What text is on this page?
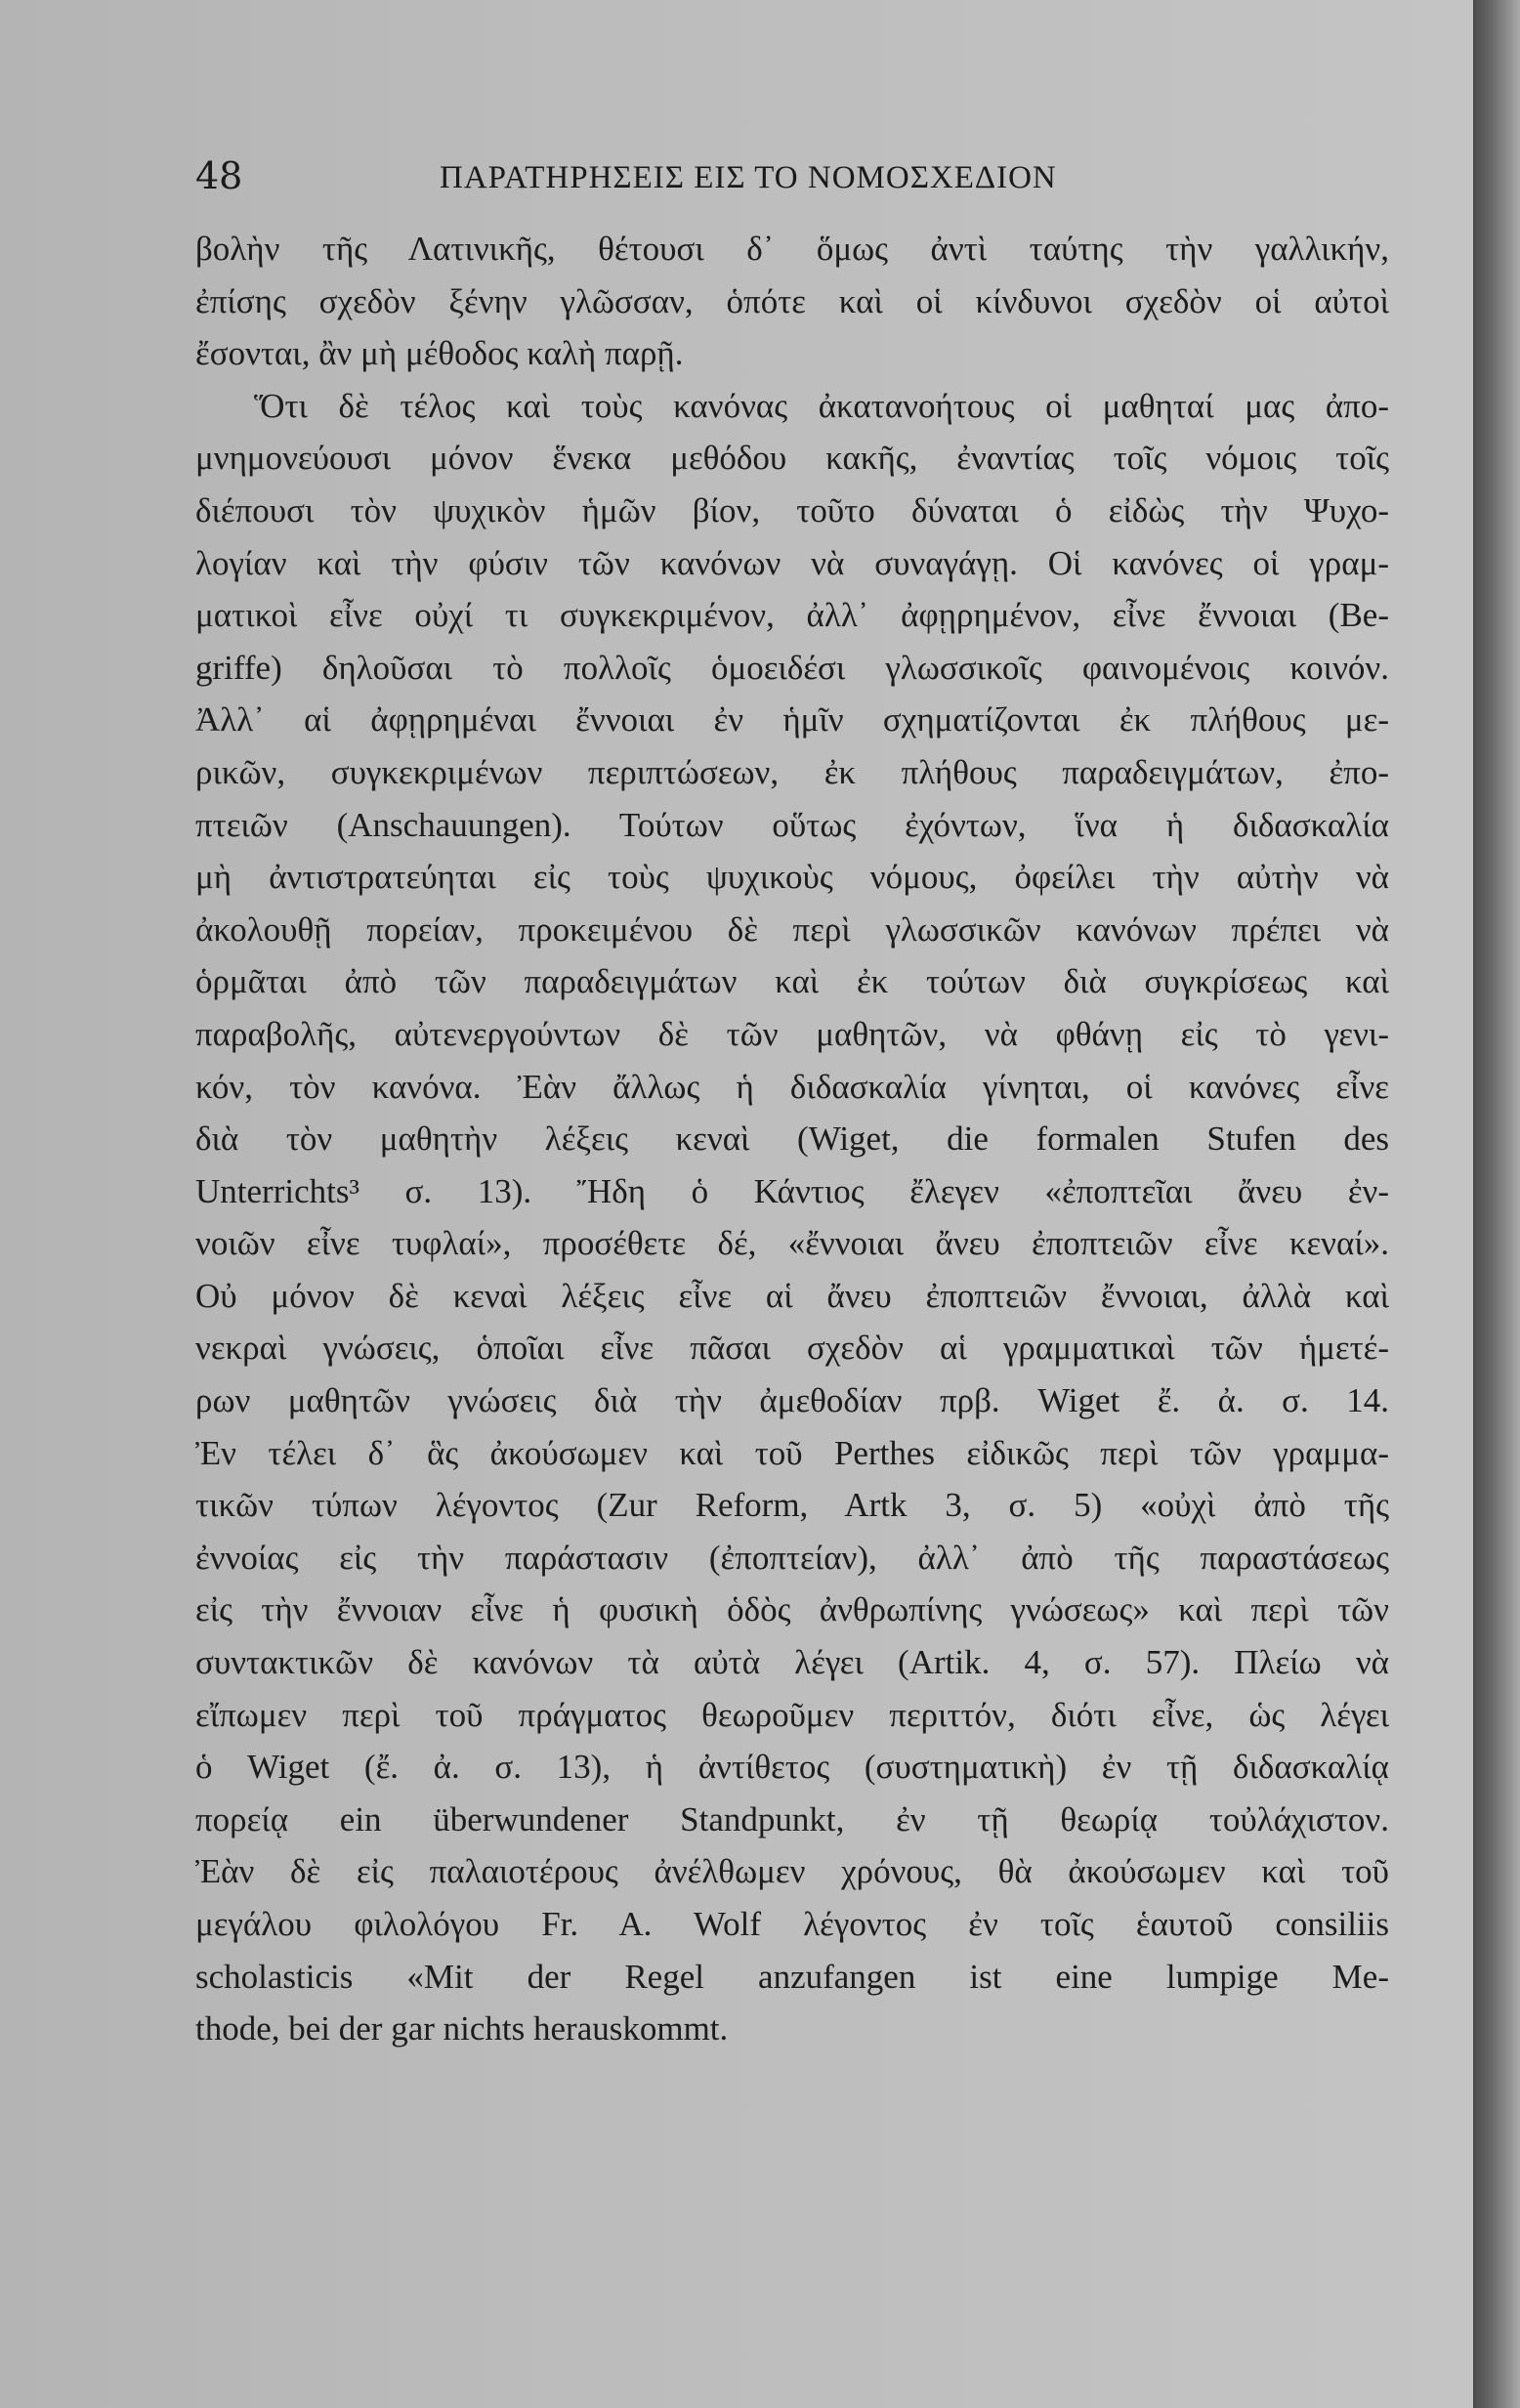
48	ΠΑΡΑΤΗΡΗΣΕΙΣ ΕΙΣ ΤΟ ΝΟΜΟΣΧΕΔΙΟΝ
βολὴν τῆς Λατινικῆς, θέτουσι δ᾽ ὅμως ἀντὶ ταύτης τὴν γαλλικήν,
ἐπίσης σχεδὸν ξένην γλῶσσαν, ὁπότε καὶ οἱ κίνδυνοι σχεδὸν οἱ αὐτοὶ
ἔσονται, ἂν μὴ μέθοδος καλὴ παρῇ.
Ὅτι δὲ τέλος καὶ τοὺς κανόνας ἀκατανοήτους οἱ μαθηταί μας ἀπο-
μνημονεύουσι μόνον ἕνεκα μεθόδου κακῆς, ἐναντίας τοῖς νόμοις τοῖς
διέπουσι τὸν ψυχικὸν ἡμῶν βίον, τοῦτο δύναται ὁ εἰδὼς τὴν Ψυχο-
λογίαν καὶ τὴν φύσιν τῶν κανόνων νὰ συναγάγῃ. Οἱ κανόνες οἱ γραμ-
ματικοὶ εἶνε οὐχί τι συγκεκριμένον, ἀλλ᾽ ἀφῃρημένον, εἶνε ἔννοιαι (Be-
griffe) δηλοῦσαι τὸ πολλοῖς ὁμοειδέσι γλωσσικοῖς φαινομένοις κοινόν.
Ἀλλ᾽ αἱ ἀφῃρημέναι ἔννοιαι ἐν ἡμῖν σχηματίζονται ἐκ πλήθους με-
ρικῶν, συγκεκριμένων περιπτώσεων, ἐκ πλήθους παραδειγμάτων, ἐπο-
πτειῶν (Anschauungen). Τούτων οὕτως ἐχόντων, ἵνα ἡ διδασκαλία
μὴ ἀντιστρατεύηται εἰς τοὺς ψυχικοὺς νόμους, ὀφείλει τὴν αὐτὴν νὰ
ἀκολουθῇ πορείαν, προκειμένου δὲ περὶ γλωσσικῶν κανόνων πρέπει νὰ
ὁρμᾶται ἀπὸ τῶν παραδειγμάτων καὶ ἐκ τούτων διὰ συγκρίσεως καὶ
παραβολῆς, αὐτενεργούντων δὲ τῶν μαθητῶν, νὰ φθάνῃ εἰς τὸ γενι-
κόν, τὸν κανόνα. Ἐὰν ἄλλως ἡ διδασκαλία γίνηται, οἱ κανόνες εἶνε
διὰ τὸν μαθητὴν λέξεις κεναὶ (Wiget, die formalen Stufen des
Unterrichts³ σ. 13). Ἤδη ὁ Κάντιος ἔλεγεν «ἐποπτεῖαι ἄνευ ἐν-
νοιῶν εἶνε τυφλαί», προσέθετε δέ, «ἔννοιαι ἄνευ ἐποπτειῶν εἶνε κεναί».
Οὐ μόνον δὲ κεναὶ λέξεις εἶνε αἱ ἄνευ ἐποπτειῶν ἔννοιαι, ἀλλὰ καὶ
νεκραὶ γνώσεις, ὁποῖαι εἶνε πᾶσαι σχεδὸν αἱ γραμματικαὶ τῶν ἡμετέ-
ρων μαθητῶν γνώσεις διὰ τὴν ἀμεθοδίαν πρβ. Wiget ἔ. ἀ. σ. 14.
Ἐν τέλει δ᾽ ἃς ἀκούσωμεν καὶ τοῦ Perthes εἰδικῶς περὶ τῶν γραμμα-
τικῶν τύπων λέγοντος (Zur Reform, Artk 3, σ. 5) «οὐχὶ ἀπὸ τῆς
ἐννοίας εἰς τὴν παράστασιν (ἐποπτείαν), ἀλλ᾽ ἀπὸ τῆς παραστάσεως
εἰς τὴν ἔννοιαν εἶνε ἡ φυσικὴ ὁδὸς ἀνθρωπίνης γνώσεως» καὶ περὶ τῶν
συντακτικῶν δὲ κανόνων τὰ αὐτὰ λέγει (Artik. 4, σ. 57). Πλείω νὰ
εἴπωμεν περὶ τοῦ πράγματος θεωροῦμεν περιττόν, διότι εἶνε, ὡς λέγει
ὁ Wiget (ἔ. ἀ. σ. 13), ἡ ἀντίθετος (συστηματικὴ) ἐν τῇ διδασκαλίᾳ
πορείᾳ ein überwundener Standpunkt, ἐν τῇ θεωρίᾳ τοὐλάχιστον.
Ἐὰν δὲ εἰς παλαιοτέρους ἀνέλθωμεν χρόνους, θὰ ἀκούσωμεν καὶ τοῦ
μεγάλου φιλολόγου Fr. A. Wolf λέγοντος ἐν τοῖς ἑαυτοῦ consiliis
scholasticis «Mit der Regel anzufangen ist eine lumpige Me-
thode, bei der gar nichts herauskommt.
